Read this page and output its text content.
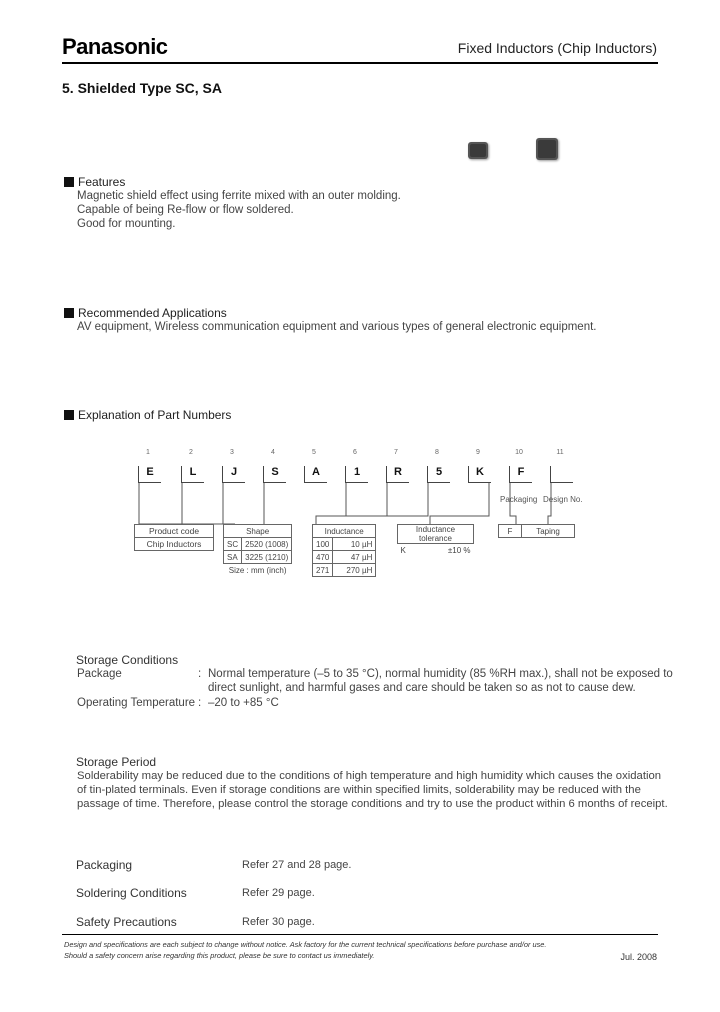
Panasonic	Fixed Inductors (Chip Inductors)
5. Shielded Type SC, SA
Features
Magnetic shield effect using ferrite mixed with an outer molding.
Capable of being Re-flow or flow soldered.
Good for mounting.
Recommended Applications
AV equipment, Wireless communication equipment and various types of general electronic equipment.
Explanation of Part Numbers
1	2	3	4	5	6	7	8	9	10	11
E	L	J	S	A	1	R	5	K	F
Packaging Design No.
Product code
Chip Inductors
Shape	
SC	2520 (1008)
SA	3225 (1210)
Size : mm (inch)	
Inductance	
100	10 µH
470	47 µH
271	270 µH
Inductance tolerance
K	±10 %
F	Taping
Storage Conditions
Package	: Normal temperature (–5 to 35 °C), normal humidity (85 %RH max.), shall not be exposed to
direct sunlight, and harmful gases and care should be taken so as not to cause dew.
Operating Temperature : –20 to +85 °C
Storage Period
Solderability may be reduced due to the conditions of high temperature and high humidity which causes the oxidation
of tin-plated terminals. Even if storage conditions are within specified limits, solderability may be reduced with the
passage of time. Therefore, please control the storage conditions and try to use the product within 6 months of receipt.
Packaging	Refer 27 and 28 page.
Soldering Conditions	Refer 29 page.
Safety Precautions	Refer 30 page.
Design and specifications are each subject to change without notice. Ask factory for the current technical specifications before purchase and/or use.
Should a safety concern arise regarding this product, please be sure to contact us immediately.	Jul. 2008
